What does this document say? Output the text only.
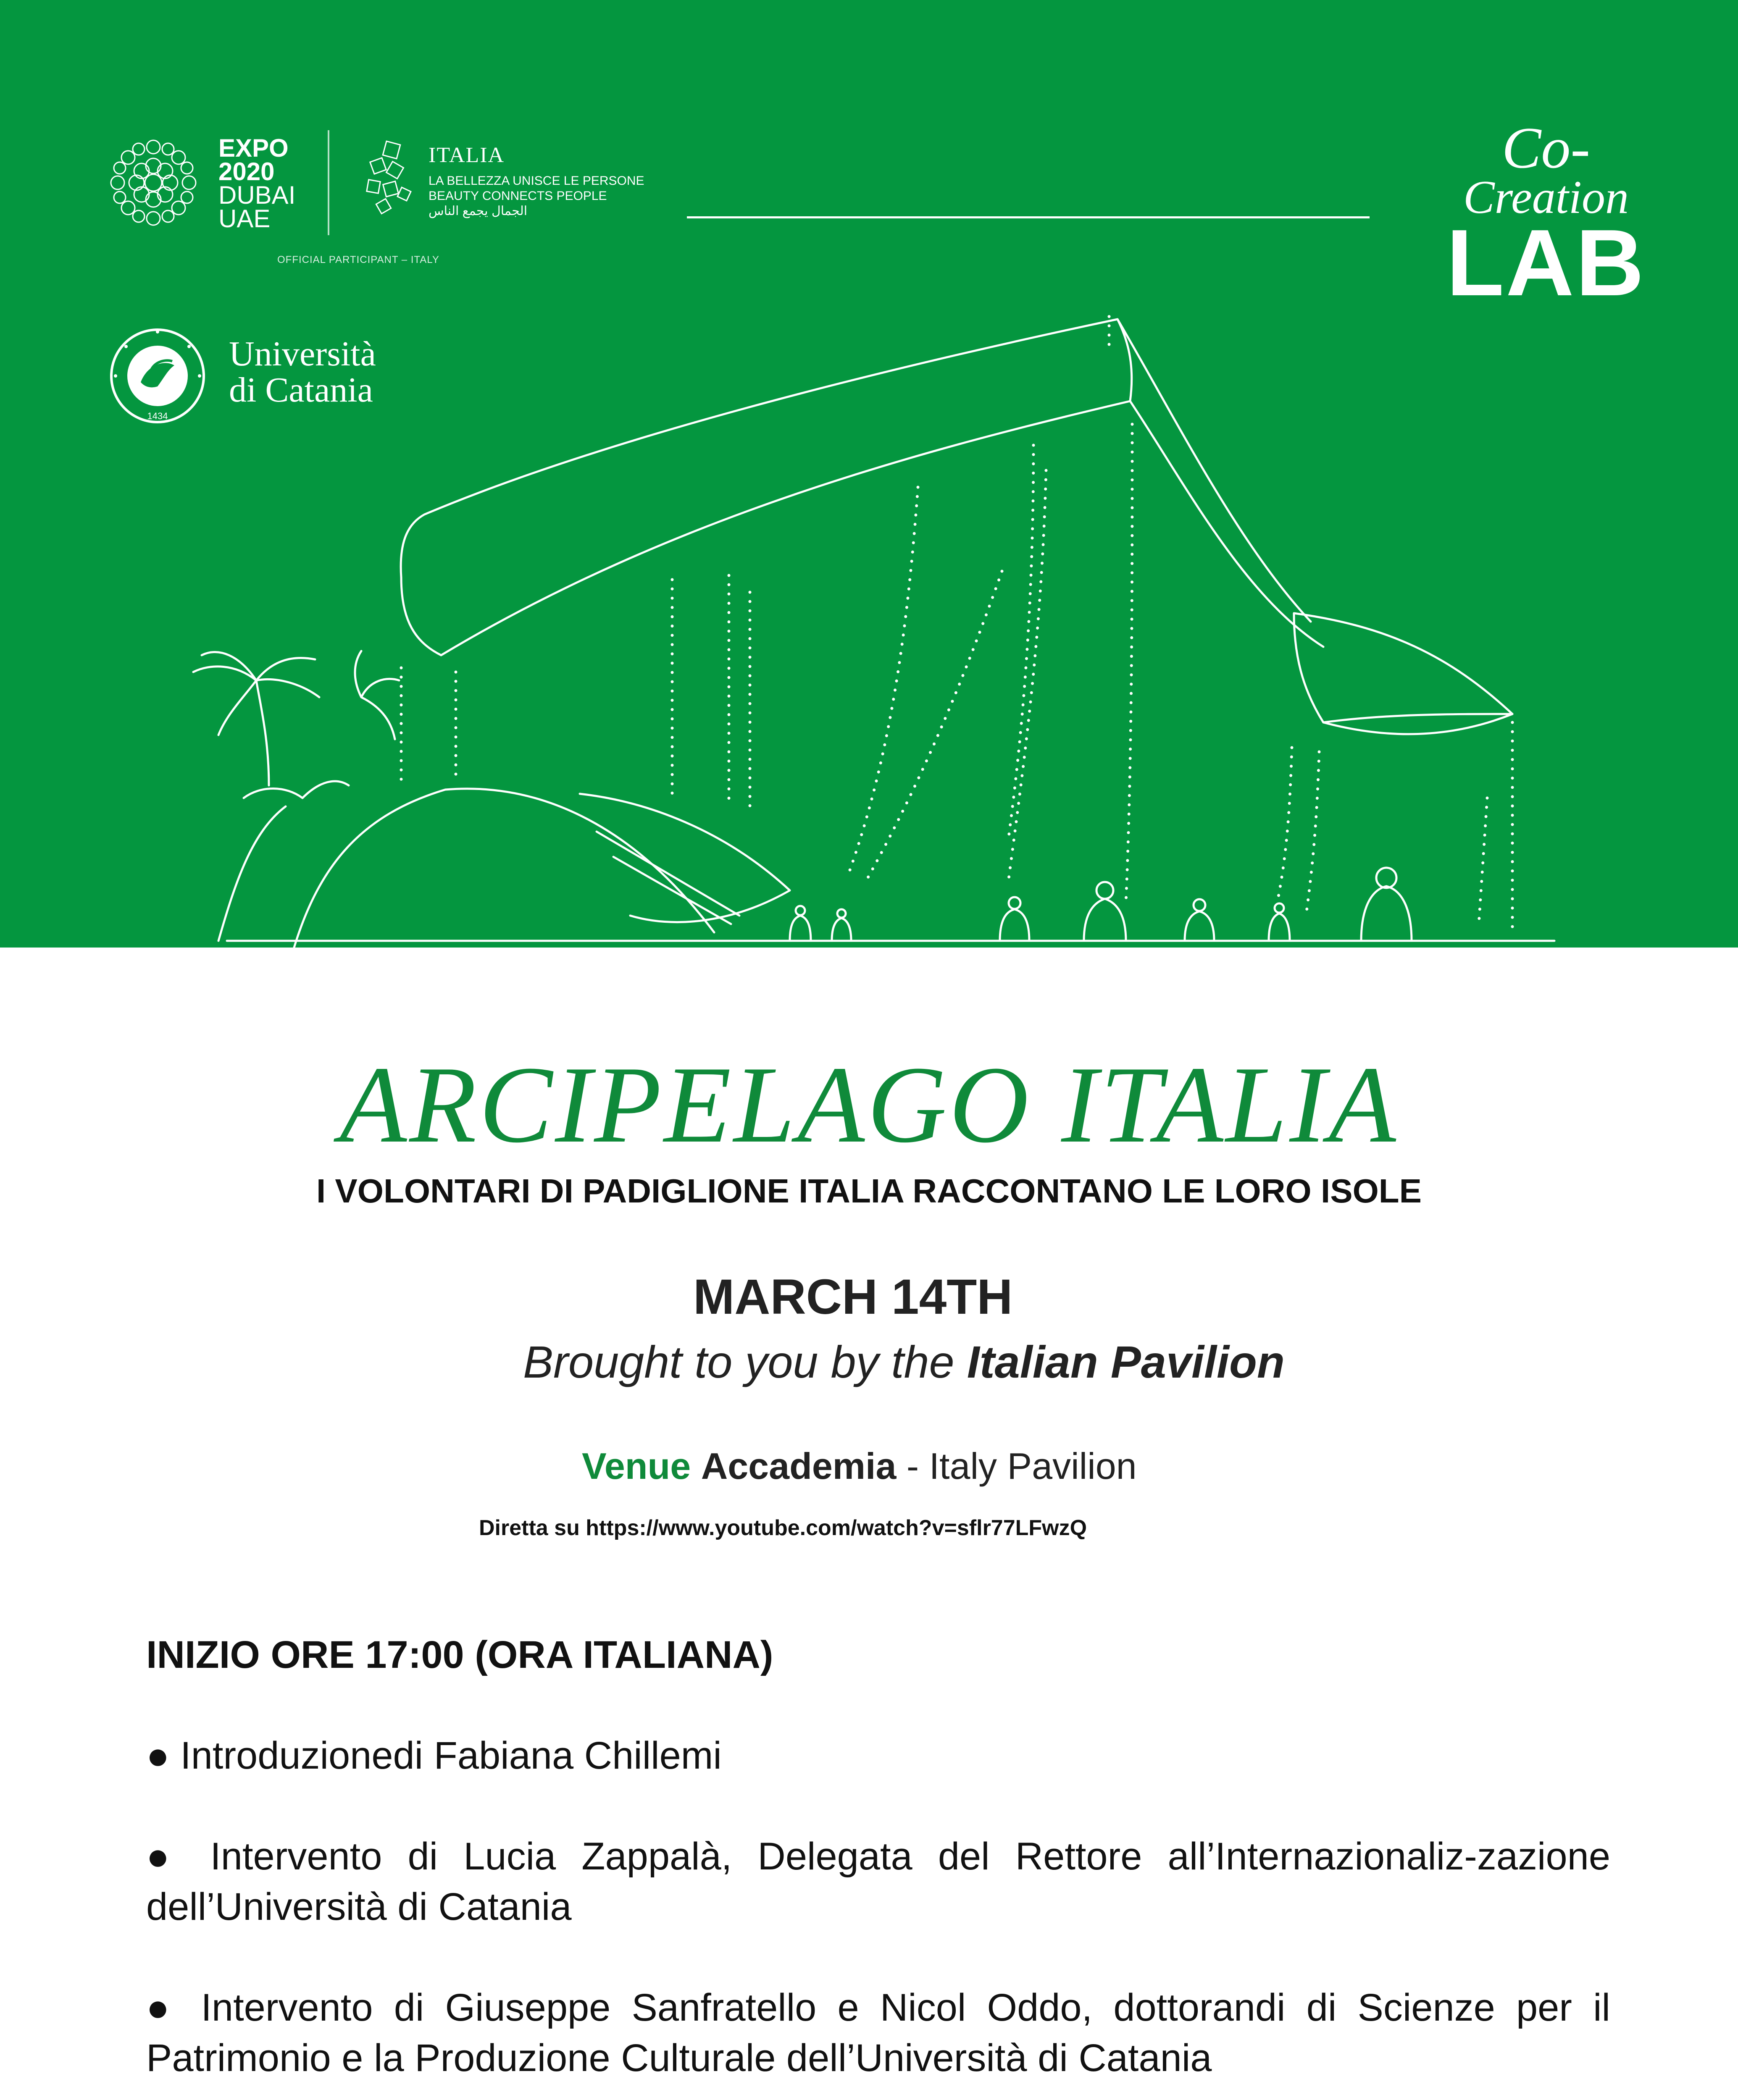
EXPO
2020
DUBAI
UAE
OFFICIAL PARTICIPANT – ITALY
ITALIA
LA BELLEZZA UNISCE LE PERSONE
BEAUTY CONNECTS PEOPLE
الجمال يجمع الناس
Co-
Creation
LAB
1434
Università
di Catania
ARCIPELAGO ITALIA
I VOLONTARI DI PADIGLIONE ITALIA RACCONTANO LE LORO ISOLE
MARCH 14TH
Brought to you by the Italian Pavilion
Venue Accademia - Italy Pavilion
Diretta su https://www.youtube.com/watch?v=sflr77LFwzQ
INIZIO ORE 17:00 (ORA ITALIANA)
● Introduzionedi Fabiana Chillemi
● Intervento di Lucia Zappalà, Delegata del Rettore all’Internazionaliz-zazione dell’Università di Catania
● Intervento di Giuseppe Sanfratello e Nicol Oddo, dottorandi di Scienze per il Patrimonio e la Produzione Culturale dell’Università di Catania
